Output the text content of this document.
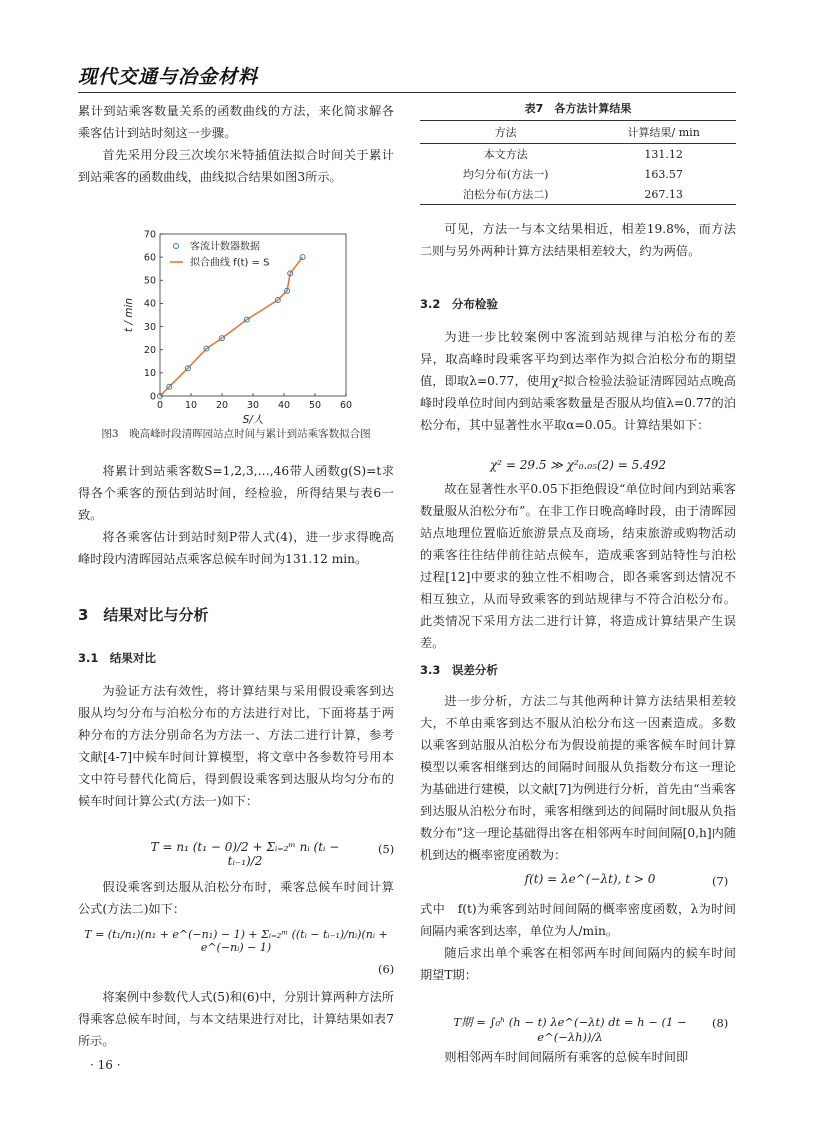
现代交通与冶金材料

累计到站乘客数量关系的函数曲线的方法，来化简求解各乘客估计到站时刻这一步骤。

首先采用分段三次埃尔米特插值法拟合时间关于累计到站乘客的函数曲线，曲线拟合结果如图3所示。

0 10 20 30 40 50 60
0
10
20
30
40
50
60
70
S/人
t / min
客流计数器数据
拟合曲线 f(t) = S
图3　晚高峰时段清晖园站点时间与累计到站乘客数拟合图

将累计到站乘客数S=1,2,3,…,46带人函数g(S)=t求得各个乘客的预估到站时间，经检验，所得结果与表6一致。

将各乘客估计到站时刻P带人式(4)，进一步求得晚高峰时段内清晖园站点乘客总候车时间为131.12 min。

3　结果对比与分析
3.1　结果对比

为验证方法有效性，将计算结果与采用假设乘客到达服从均匀分布与泊松分布的方法进行对比，下面将基于两种分布的方法分别命名为方法一、方法二进行计算，参考文献[4-7]中候车时间计算模型，将文章中各参数符号用本文中符号替代化简后，得到假设乘客到达服从均匀分布的候车时间计算公式(方法一)如下：

T = n₁ (t₁ − 0)/2 + Σᵢ₌₂ᵐ nᵢ (tᵢ − tᵢ₋₁)/2
(5)

假设乘客到达服从泊松分布时，乘客总候车时间计算公式(方法二)如下：

T = (t₁/n₁)(n₁ + e^(−n₁) − 1) + Σᵢ₌₂ᵐ ((tᵢ − tᵢ₋₁)/nᵢ)(nᵢ + e^(−nᵢ) − 1)
(6)

将案例中参数代人式(5)和(6)中，分别计算两种方法所得乘客总候车时间，与本文结果进行对比，计算结果如表7所示。

· 16 ·
表7　各方法计算结果
方法	计算结果/ min
本文方法	131.12
均匀分布(方法一)	163.57
泊松分布(方法二)	267.13

可见，方法一与本文结果相近，相差19.8%，而方法二则与另外两种计算方法结果相差较大，约为两倍。

3.2　分布检验

为进一步比较案例中客流到站规律与泊松分布的差异，取高峰时段乘客平均到达率作为拟合泊松分布的期望值，即取λ=0.77，使用χ²拟合检验法验证清晖园站点晚高峰时段单位时间内到站乘客数量是否服从均值λ=0.77的泊松分布，其中显著性水平取α=0.05。计算结果如下：

χ² = 29.5 ≫ χ²₀.₀₅(2) = 5.492

故在显著性水平0.05下拒绝假设“单位时间内到站乘客数量服从泊松分布”。在非工作日晚高峰时段，由于清晖园站点地理位置临近旅游景点及商场，结束旅游或购物活动的乘客往往结伴前往站点候车，造成乘客到站特性与泊松过程[12]中要求的独立性不相吻合，即各乘客到达情况不相互独立，从而导致乘客的到站规律与不符合泊松分布。此类情况下采用方法二进行计算，将造成计算结果产生误差。

3.3　误差分析

进一步分析，方法二与其他两种计算方法结果相差较大，不单由乘客到达不服从泊松分布这一因素造成。多数以乘客到站服从泊松分布为假设前提的乘客候车时间计算模型以乘客相继到达的间隔时间服从负指数分布这一理论为基础进行建模，以文献[7]为例进行分析，首先由“当乘客到达服从泊松分布时，乘客相继到达的间隔时间t服从负指数分布”这一理论基础得出客在相邻两车时间间隔[0,h]内随机到达的概率密度函数为：

f(t) = λe^(−λt), t > 0	(7)

式中　f(t)为乘客到站时间间隔的概率密度函数，λ为时间间隔内乘客到达率，单位为人/min。

随后求出单个乘客在相邻两车时间间隔内的候车时间期望T期：

T期 = ∫₀ʰ (h − t) λe^(−λt) dt = h − (1 − e^(−λh))/λ
(8)

则相邻两车时间间隔所有乘客的总候车时间即
